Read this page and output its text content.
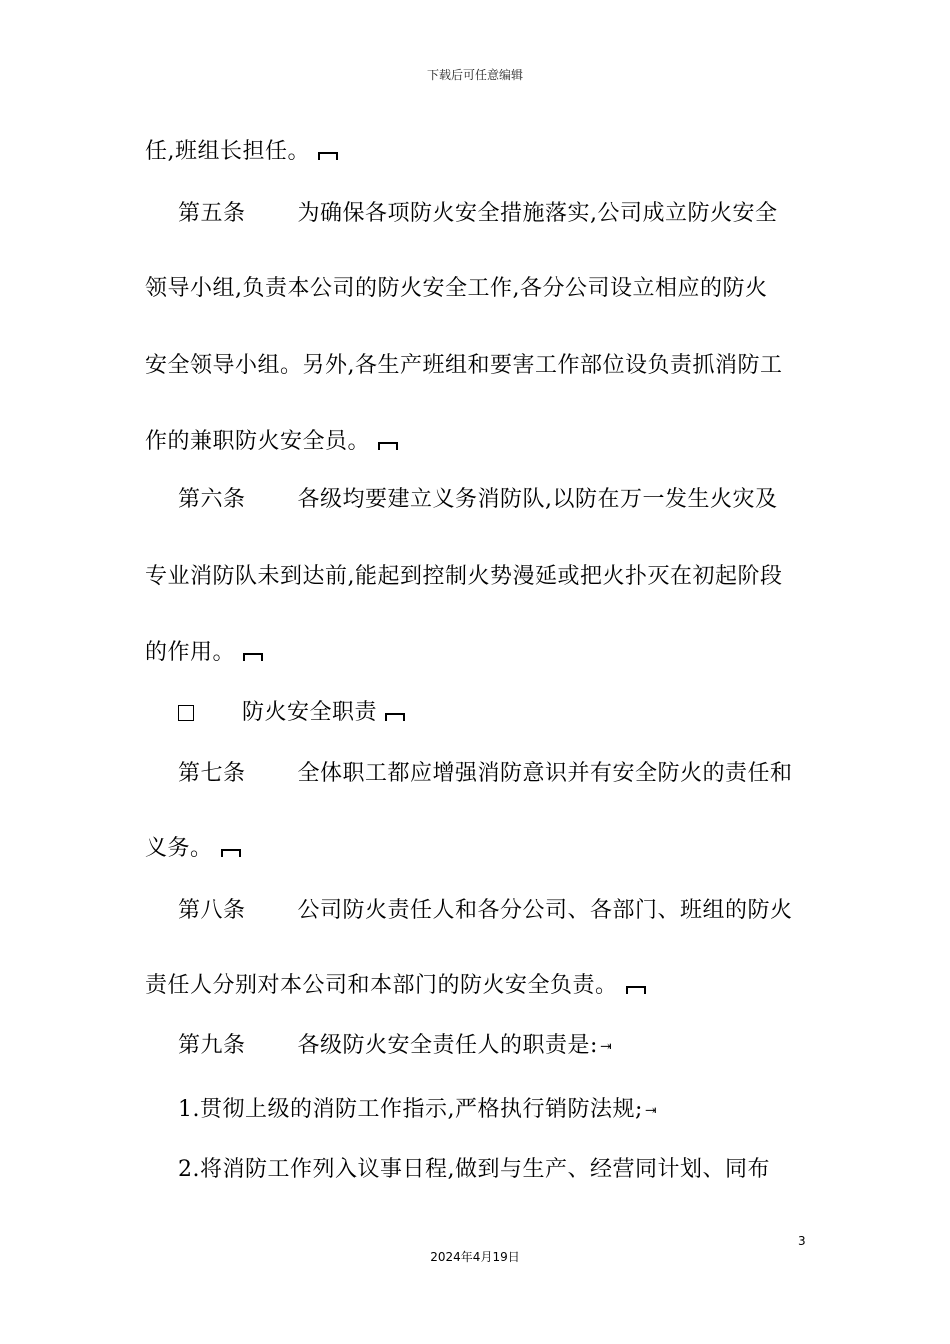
下载后可任意编辑
任,班组长担任。
第五条 为确保各项防火安全措施落实,公司成立防火安全
领导小组,负责本公司的防火安全工作,各分公司设立相应的防火
安全领导小组。另外,各生产班组和要害工作部位设负责抓消防工
作的兼职防火安全员。
第六条 各级均要建立义务消防队,以防在万一发生火灾及
专业消防队未到达前,能起到控制火势漫延或把火扑灭在初起阶段
的作用。
防火安全职责
第七条 全体职工都应增强消防意识并有安全防火的责任和
义务。
第八条 公司防火责任人和各分公司、各部门、班组的防火
责任人分别对本公司和本部门的防火安全负责。
第九条 各级防火安全责任人的职责是: ⇥
1.贯彻上级的消防工作指示,严格执行销防法规; ⇥
2.将消防工作列入议事日程,做到与生产、经营同计划、同布
3
2024年4月19日
